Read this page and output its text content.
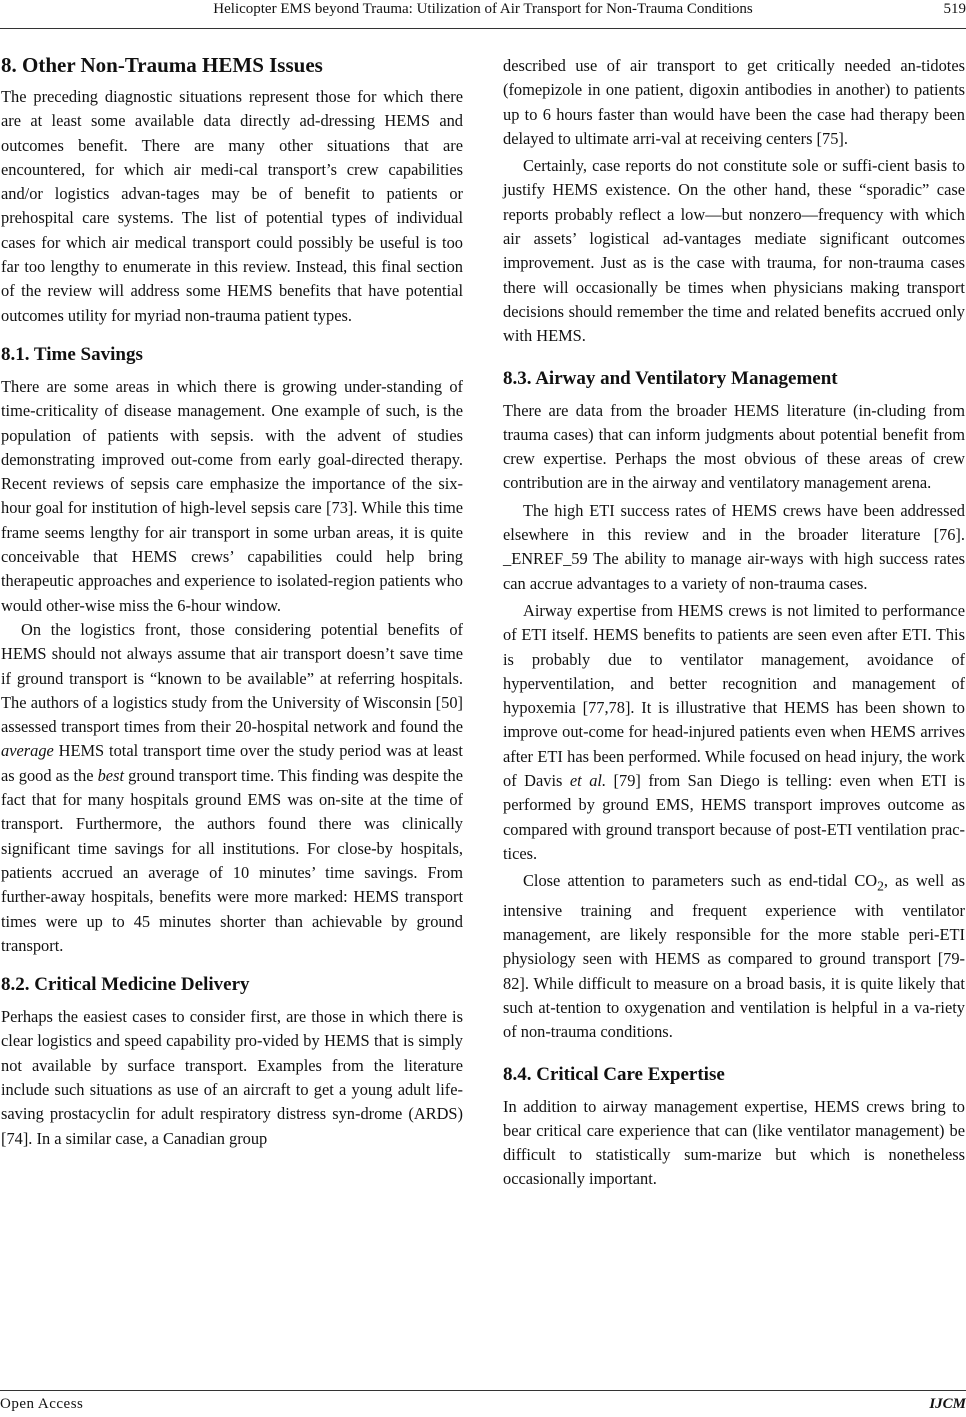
Helicopter EMS beyond Trauma: Utilization of Air Transport for Non-Trauma Conditions	519
8. Other Non-Trauma HEMS Issues

The preceding diagnostic situations represent those for which there are at least some available data directly ad-dressing HEMS and outcomes benefit. There are many other situations that are encountered, for which air medi-cal transport’s crew capabilities and/or logistics advan-tages may be of benefit to patients or prehospital care systems. The list of potential types of individual cases for which air medical transport could possibly be useful is too far too lengthy to enumerate in this review. Instead, this final section of the review will address some HEMS benefits that have potential outcomes utility for myriad non-trauma patient types.

8.1. Time Savings

There are some areas in which there is growing under-standing of time-criticality of disease management. One example of such, is the population of patients with sepsis. with the advent of studies demonstrating improved out-come from early goal-directed therapy. Recent reviews of sepsis care emphasize the importance of the six-hour goal for institution of high-level sepsis care [73]. While this time frame seems lengthy for air transport in some urban areas, it is quite conceivable that HEMS crews’ capabilities could help bring therapeutic approaches and experience to isolated-region patients who would other-wise miss the 6-hour window.

On the logistics front, those considering potential benefits of HEMS should not always assume that air transport doesn’t save time if ground transport is “known to be available” at referring hospitals. The authors of a logistics study from the University of Wisconsin [50] assessed transport times from their 20-hospital network and found the average HEMS total transport time over the study period was at least as good as the best ground transport time. This finding was despite the fact that for many hospitals ground EMS was on-site at the time of transport. Furthermore, the authors found there was clinically significant time savings for all institutions. For close-by hospitals, patients accrued an average of 10 minutes’ time savings. From further-away hospitals, benefits were more marked: HEMS transport times were up to 45 minutes shorter than achievable by ground transport.

8.2. Critical Medicine Delivery

Perhaps the easiest cases to consider first, are those in which there is clear logistics and speed capability pro-vided by HEMS that is simply not available by surface transport. Examples from the literature include such situations as use of an aircraft to get a young adult life-saving prostacyclin for adult respiratory distress syn-drome (ARDS) [74]. In a similar case, a Canadian group

described use of air transport to get critically needed an-tidotes (fomepizole in one patient, digoxin antibodies in another) to patients up to 6 hours faster than would have been the case had therapy been delayed to ultimate arri-val at receiving centers [75].

Certainly, case reports do not constitute sole or suffi-cient basis to justify HEMS existence. On the other hand, these “sporadic” case reports probably reflect a low—but nonzero—frequency with which air assets’ logistical ad-vantages mediate significant outcomes improvement. Just as is the case with trauma, for non-trauma cases there will occasionally be times when physicians making transport decisions should remember the time and related benefits accrued only with HEMS.

8.3. Airway and Ventilatory Management

There are data from the broader HEMS literature (in-cluding from trauma cases) that can inform judgments about potential benefit from crew expertise. Perhaps the most obvious of these areas of crew contribution are in the airway and ventilatory management arena.

The high ETI success rates of HEMS crews have been addressed elsewhere in this review and in the broader literature [76]. _ENREF_59 The ability to manage air-ways with high success rates can accrue advantages to a variety of non-trauma cases.

Airway expertise from HEMS crews is not limited to performance of ETI itself. HEMS benefits to patients are seen even after ETI. This is probably due to ventilator management, avoidance of hyperventilation, and better recognition and management of hypoxemia [77,78]. It is illustrative that HEMS has been shown to improve out-come for head-injured patients even when HEMS arrives after ETI has been performed. While focused on head injury, the work of Davis et al. [79] from San Diego is telling: even when ETI is performed by ground EMS, HEMS transport improves outcome as compared with ground transport because of post-ETI ventilation prac-tices.

Close attention to parameters such as end-tidal $CO_2$, as well as intensive training and frequent experience with ventilator management, are likely responsible for the more stable peri-ETI physiology seen with HEMS as compared to ground transport [79-82]. While difficult to measure on a broad basis, it is quite likely that such at-tention to oxygenation and ventilation is helpful in a va-riety of non-trauma conditions.

8.4. Critical Care Expertise

In addition to airway management expertise, HEMS crews bring to bear critical care experience that can (like ventilator management) be difficult to statistically sum-marize but which is nonetheless occasionally important.

Open Access	IJCM
